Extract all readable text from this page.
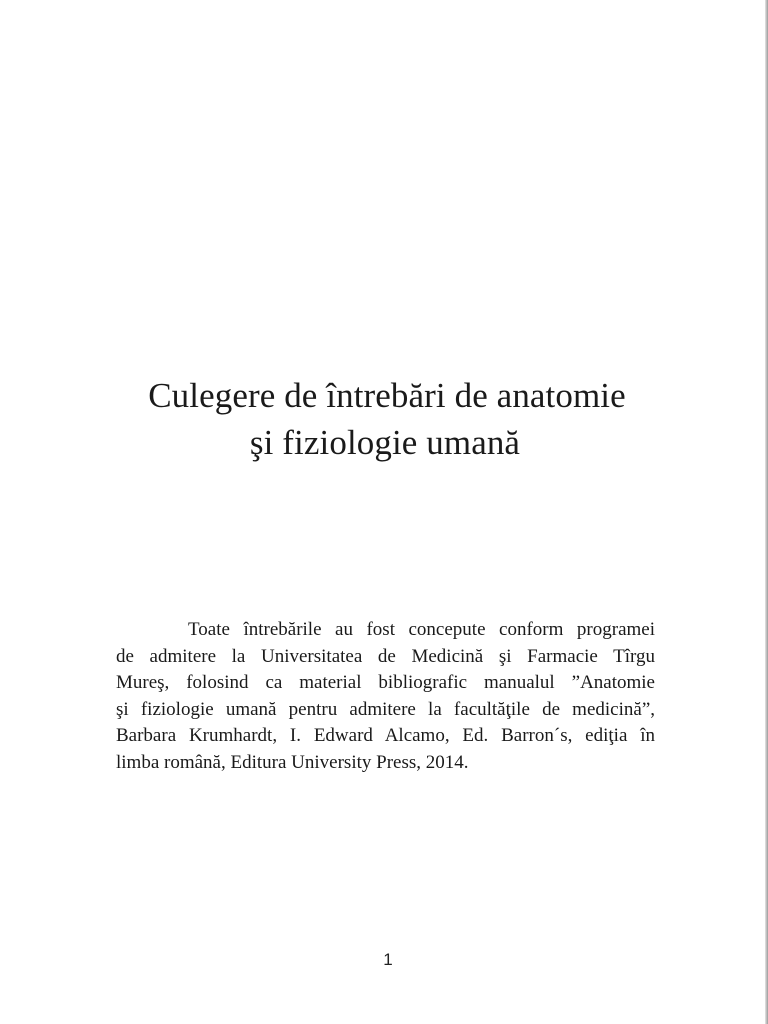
Culegere de întrebări de anatomie
şi fiziologie umană

Toate întrebările au fost concepute conform programei
de admitere la Universitatea de Medicină şi Farmacie Tîrgu
Mureş, folosind ca material bibliografic manualul ”Anatomie
şi fiziologie umană pentru admitere la facultăţile de medicină”,
Barbara Krumhardt, I. Edward Alcamo, Ed. Barron´s, ediţia în
limba română, Editura University Press, 2014.

1
